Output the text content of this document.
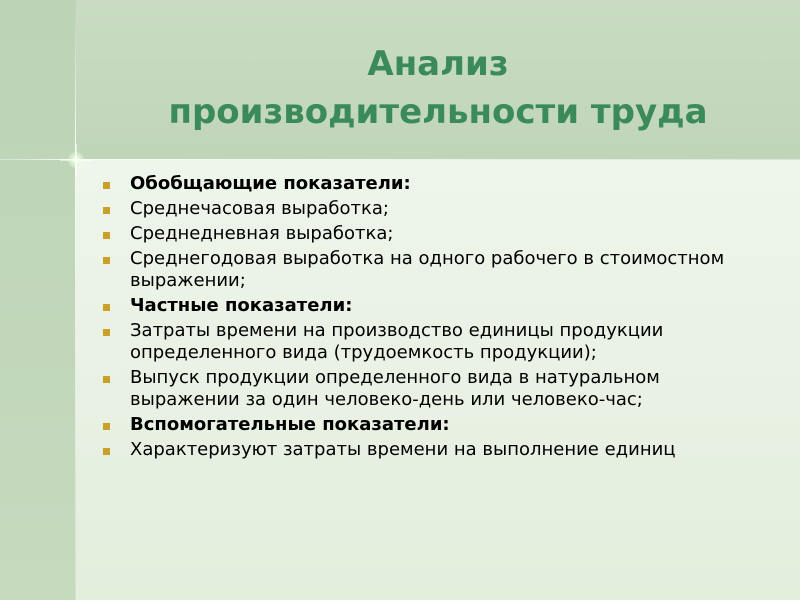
Анализ
производительности труда
Обобщающие показатели:
Среднечасовая выработка;
Среднедневная выработка;
Среднегодовая выработка на одного рабочего в стоимостном выражении;
Частные показатели:
Затраты времени на производство единицы продукции определенного вида (трудоемкость продукции);
Выпуск продукции определенного вида в натуральном выражении за один человеко-день или человеко-час;
Вспомогательные показатели:
Характеризуют затраты времени на выполнение единиц
